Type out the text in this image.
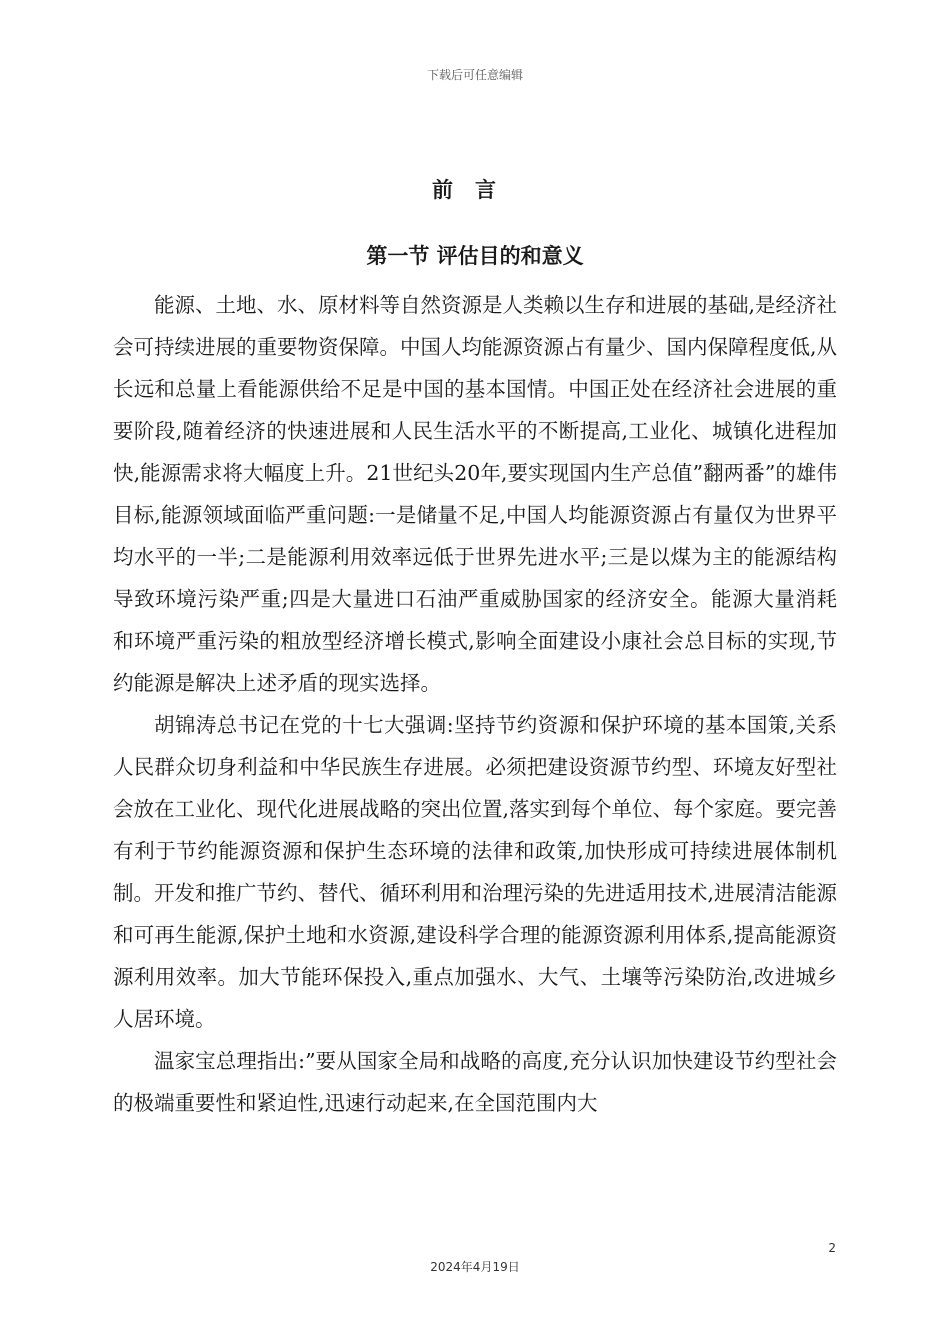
下载后可任意编辑
前言
第一节 评估目的和意义

能源、土地、水、原材料等自然资源是人类赖以生存和进展的基础,是经济社会可持续进展的重要物资保障。中国人均能源资源占有量少、国内保障程度低,从长远和总量上看能源供给不足是中国的基本国情。中国正处在经济社会进展的重要阶段,随着经济的快速进展和人民生活水平的不断提高,工业化、城镇化进程加快,能源需求将大幅度上升。21世纪头20年,要实现国内生产总值”翻两番”的雄伟目标,能源领域面临严重问题:一是储量不足,中国人均能源资源占有量仅为世界平均水平的一半;二是能源利用效率远低于世界先进水平;三是以煤为主的能源结构导致环境污染严重;四是大量进口石油严重威胁国家的经济安全。能源大量消耗和环境严重污染的粗放型经济增长模式,影响全面建设小康社会总目标的实现,节约能源是解决上述矛盾的现实选择。

胡锦涛总书记在党的十七大强调:坚持节约资源和保护环境的基本国策,关系人民群众切身利益和中华民族生存进展。必须把建设资源节约型、环境友好型社会放在工业化、现代化进展战略的突出位置,落实到每个单位、每个家庭。要完善有利于节约能源资源和保护生态环境的法律和政策,加快形成可持续进展体制机制。开发和推广节约、替代、循环利用和治理污染的先进适用技术,进展清洁能源和可再生能源,保护土地和水资源,建设科学合理的能源资源利用体系,提高能源资源利用效率。加大节能环保投入,重点加强水、大气、土壤等污染防治,改进城乡人居环境。

温家宝总理指出:”要从国家全局和战略的高度,充分认识加快建设节约型社会的极端重要性和紧迫性,迅速行动起来,在全国范围内大

2
2024年4月19日
